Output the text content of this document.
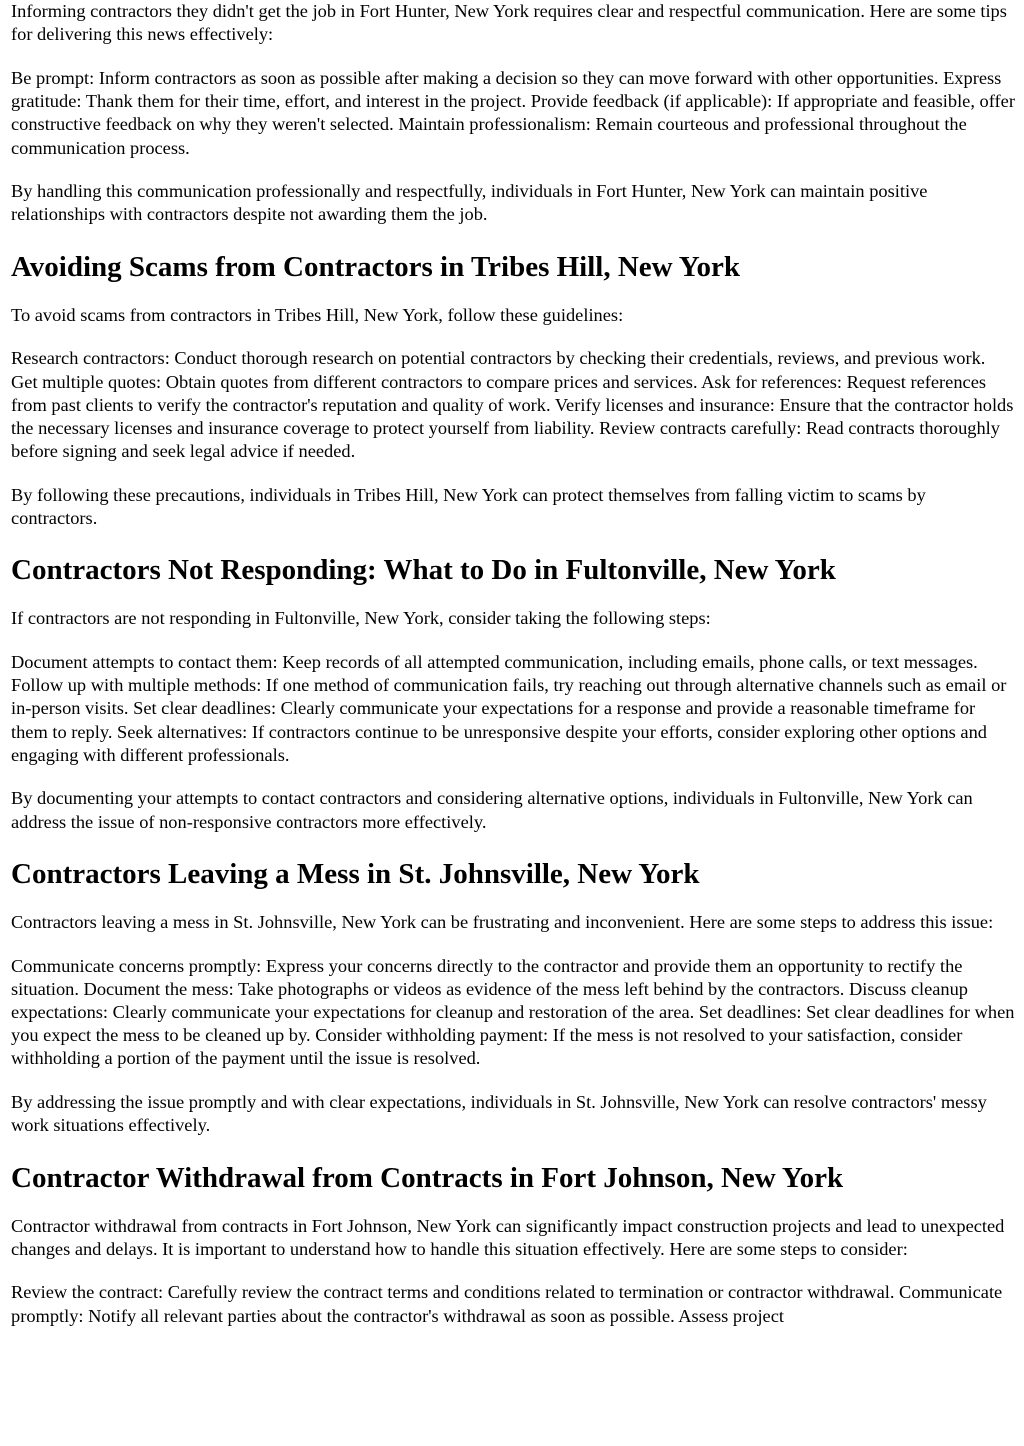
Informing contractors they didn't get the job in Fort Hunter, New York requires clear and respectful communication. Here are some tips for delivering this news effectively:

Be prompt: Inform contractors as soon as possible after making a decision so they can move forward with other opportunities. Express gratitude: Thank them for their time, effort, and interest in the project. Provide feedback (if applicable): If appropriate and feasible, offer constructive feedback on why they weren't selected. Maintain professionalism: Remain courteous and professional throughout the communication process.

By handling this communication professionally and respectfully, individuals in Fort Hunter, New York can maintain positive relationships with contractors despite not awarding them the job.

Avoiding Scams from Contractors in Tribes Hill, New York

To avoid scams from contractors in Tribes Hill, New York, follow these guidelines:

Research contractors: Conduct thorough research on potential contractors by checking their credentials, reviews, and previous work. Get multiple quotes: Obtain quotes from different contractors to compare prices and services. Ask for references: Request references from past clients to verify the contractor's reputation and quality of work. Verify licenses and insurance: Ensure that the contractor holds the necessary licenses and insurance coverage to protect yourself from liability. Review contracts carefully: Read contracts thoroughly before signing and seek legal advice if needed.

By following these precautions, individuals in Tribes Hill, New York can protect themselves from falling victim to scams by contractors.

Contractors Not Responding: What to Do in Fultonville, New York

If contractors are not responding in Fultonville, New York, consider taking the following steps:

Document attempts to contact them: Keep records of all attempted communication, including emails, phone calls, or text messages. Follow up with multiple methods: If one method of communication fails, try reaching out through alternative channels such as email or in-person visits. Set clear deadlines: Clearly communicate your expectations for a response and provide a reasonable timeframe for them to reply. Seek alternatives: If contractors continue to be unresponsive despite your efforts, consider exploring other options and engaging with different professionals.

By documenting your attempts to contact contractors and considering alternative options, individuals in Fultonville, New York can address the issue of non-responsive contractors more effectively.

Contractors Leaving a Mess in St. Johnsville, New York

Contractors leaving a mess in St. Johnsville, New York can be frustrating and inconvenient. Here are some steps to address this issue:

Communicate concerns promptly: Express your concerns directly to the contractor and provide them an opportunity to rectify the situation. Document the mess: Take photographs or videos as evidence of the mess left behind by the contractors. Discuss cleanup expectations: Clearly communicate your expectations for cleanup and restoration of the area. Set deadlines: Set clear deadlines for when you expect the mess to be cleaned up by. Consider withholding payment: If the mess is not resolved to your satisfaction, consider withholding a portion of the payment until the issue is resolved.

By addressing the issue promptly and with clear expectations, individuals in St. Johnsville, New York can resolve contractors' messy work situations effectively.

Contractor Withdrawal from Contracts in Fort Johnson, New York

Contractor withdrawal from contracts in Fort Johnson, New York can significantly impact construction projects and lead to unexpected changes and delays. It is important to understand how to handle this situation effectively. Here are some steps to consider:

Review the contract: Carefully review the contract terms and conditions related to termination or contractor withdrawal. Communicate promptly: Notify all relevant parties about the contractor's withdrawal as soon as possible. Assess project
